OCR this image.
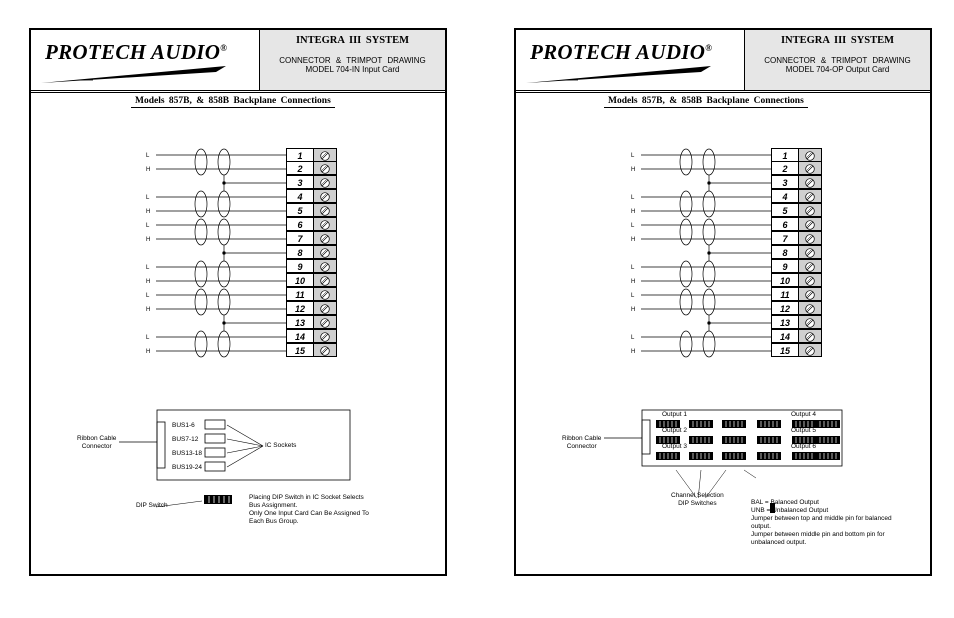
PROTECH AUDIO®
INTEGRA III SYSTEM
CONNECTOR & TRIMPOT DRAWING
MODEL 704-IN Input Card
Models 857B, & 858B Backplane Connections
L
H
L
H
L
H
L
H
L
H
L
H
1
2
3
4
5
6
7
8
9
10
11
12
13
14
15
Ribbon Cable
Connector
BUS1-6
BUS7-12
BUS13-18
BUS19-24
IC Sockets
DIP Switch
Placing DIP Switch in IC Socket Selects
Bus Assignment.
Only One Input Card Can Be Assigned To
Each Bus Group.
PROTECH AUDIO®
INTEGRA III SYSTEM
CONNECTOR & TRIMPOT DRAWING
MODEL 704-OP Output Card
Models 857B, & 858B Backplane Connections
L
H
L
H
L
H
L
H
L
H
L
H
1
2
3
4
5
6
7
8
9
10
11
12
13
14
15
Ribbon Cable
Connector
Output 1
Output 2
Output 3
Output 4
Output 5
Output 6
Channel Selection
DIP Switches	BAL = Balanced Output
UNB = Unbalanced Output
Jumper between top and middle pin for balanced
output.
Jumper between middle pin and bottom pin for
unbalanced output.
